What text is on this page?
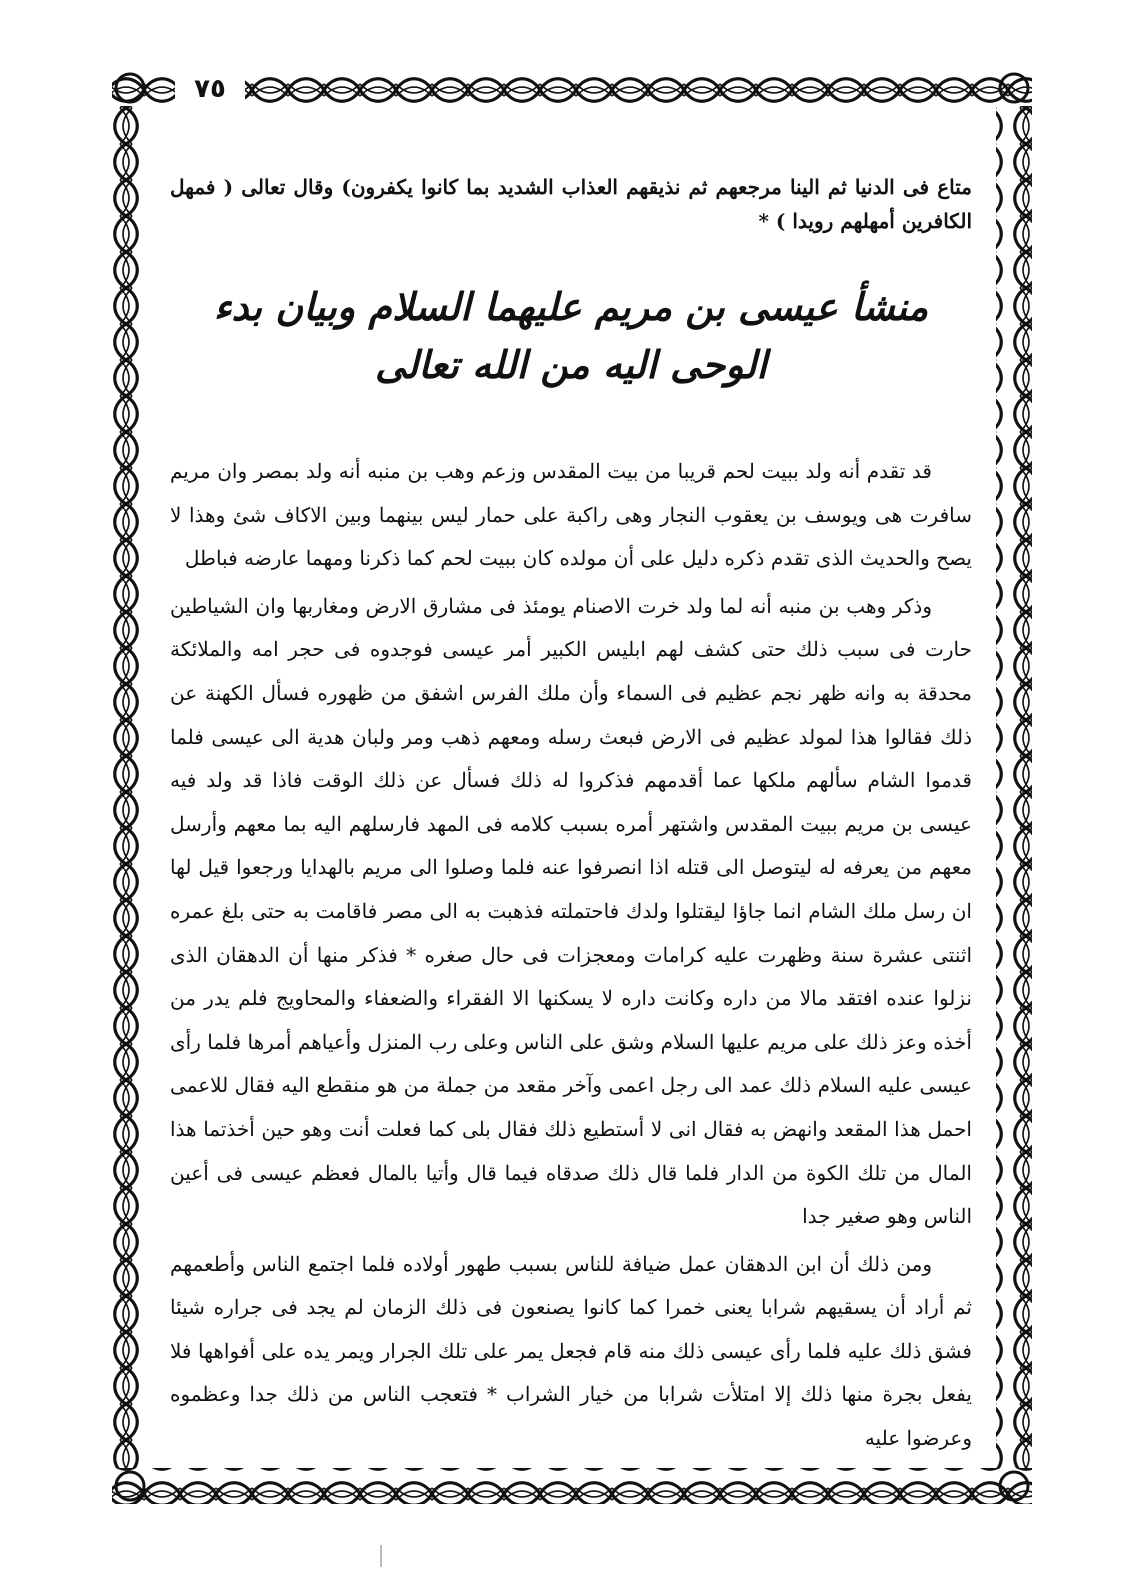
٧٥

متاع فى الدنيا ثم الينا مرجعهم ثم نذيقهم العذاب الشديد بما كانوا يكفرون) وقال تعالى ( فمهل الكافرين أمهلهم رويدا ) *

منشأ عيسى بن مريم عليهما السلام وبيان بدء الوحى اليه من الله تعالى

قد تقدم أنه ولد ببيت لحم قريبا من بيت المقدس وزعم وهب بن منبه أنه ولد بمصر وان مريم سافرت هى ويوسف بن يعقوب النجار وهى راكبة على حمار ليس بينهما وبين الاكاف شئ وهذا لا يصح والحديث الذى تقدم ذكره دليل على أن مولده كان ببيت لحم كما ذكرنا ومهما عارضه فباطل

وذكر وهب بن منبه أنه لما ولد خرت الاصنام يومئذ فى مشارق الارض ومغاربها وان الشياطين حارت فى سبب ذلك حتى كشف لهم ابليس الكبير أمر عيسى فوجدوه فى حجر امه والملائكة محدقة به وانه ظهر نجم عظيم فى السماء وأن ملك الفرس اشفق من ظهوره فسأل الكهنة عن ذلك فقالوا هذا لمولد عظيم فى الارض فبعث رسله ومعهم ذهب ومر ولبان هدية الى عيسى فلما قدموا الشام سألهم ملكها عما أقدمهم فذكروا له ذلك فسأل عن ذلك الوقت فاذا قد ولد فيه عيسى بن مريم ببيت المقدس واشتهر أمره بسبب كلامه فى المهد فارسلهم اليه بما معهم وأرسل معهم من يعرفه له ليتوصل الى قتله اذا انصرفوا عنه فلما وصلوا الى مريم بالهدايا ورجعوا قيل لها ان رسل ملك الشام انما جاؤا ليقتلوا ولدك فاحتملته فذهبت به الى مصر فاقامت به حتى بلغ عمره اثنتى عشرة سنة وظهرت عليه كرامات ومعجزات فى حال صغره * فذكر منها أن الدهقان الذى نزلوا عنده افتقد مالا من داره وكانت داره لا يسكنها الا الفقراء والضعفاء والمحاويج فلم يدر من أخذه وعز ذلك على مريم عليها السلام وشق على الناس وعلى رب المنزل وأعياهم أمرها فلما رأى عيسى عليه السلام ذلك عمد الى رجل اعمى وآخر مقعد من جملة من هو منقطع اليه فقال للاعمى احمل هذا المقعد وانهض به فقال انى لا أستطيع ذلك فقال بلى كما فعلت أنت وهو حين أخذتما هذا المال من تلك الكوة من الدار فلما قال ذلك صدقاه فيما قال وأتيا بالمال فعظم عيسى فى أعين الناس وهو صغير جدا

ومن ذلك أن ابن الدهقان عمل ضيافة للناس بسبب طهور أولاده فلما اجتمع الناس وأطعمهم ثم أراد أن يسقيهم شرابا يعنى خمرا كما كانوا يصنعون فى ذلك الزمان لم يجد فى جراره شيئا فشق ذلك عليه فلما رأى عيسى ذلك منه قام فجعل يمر على تلك الجرار ويمر يده على أفواهها فلا يفعل بجرة منها ذلك إلا امتلأت شرابا من خيار الشراب * فتعجب الناس من ذلك جدا وعظموه وعرضوا عليه
